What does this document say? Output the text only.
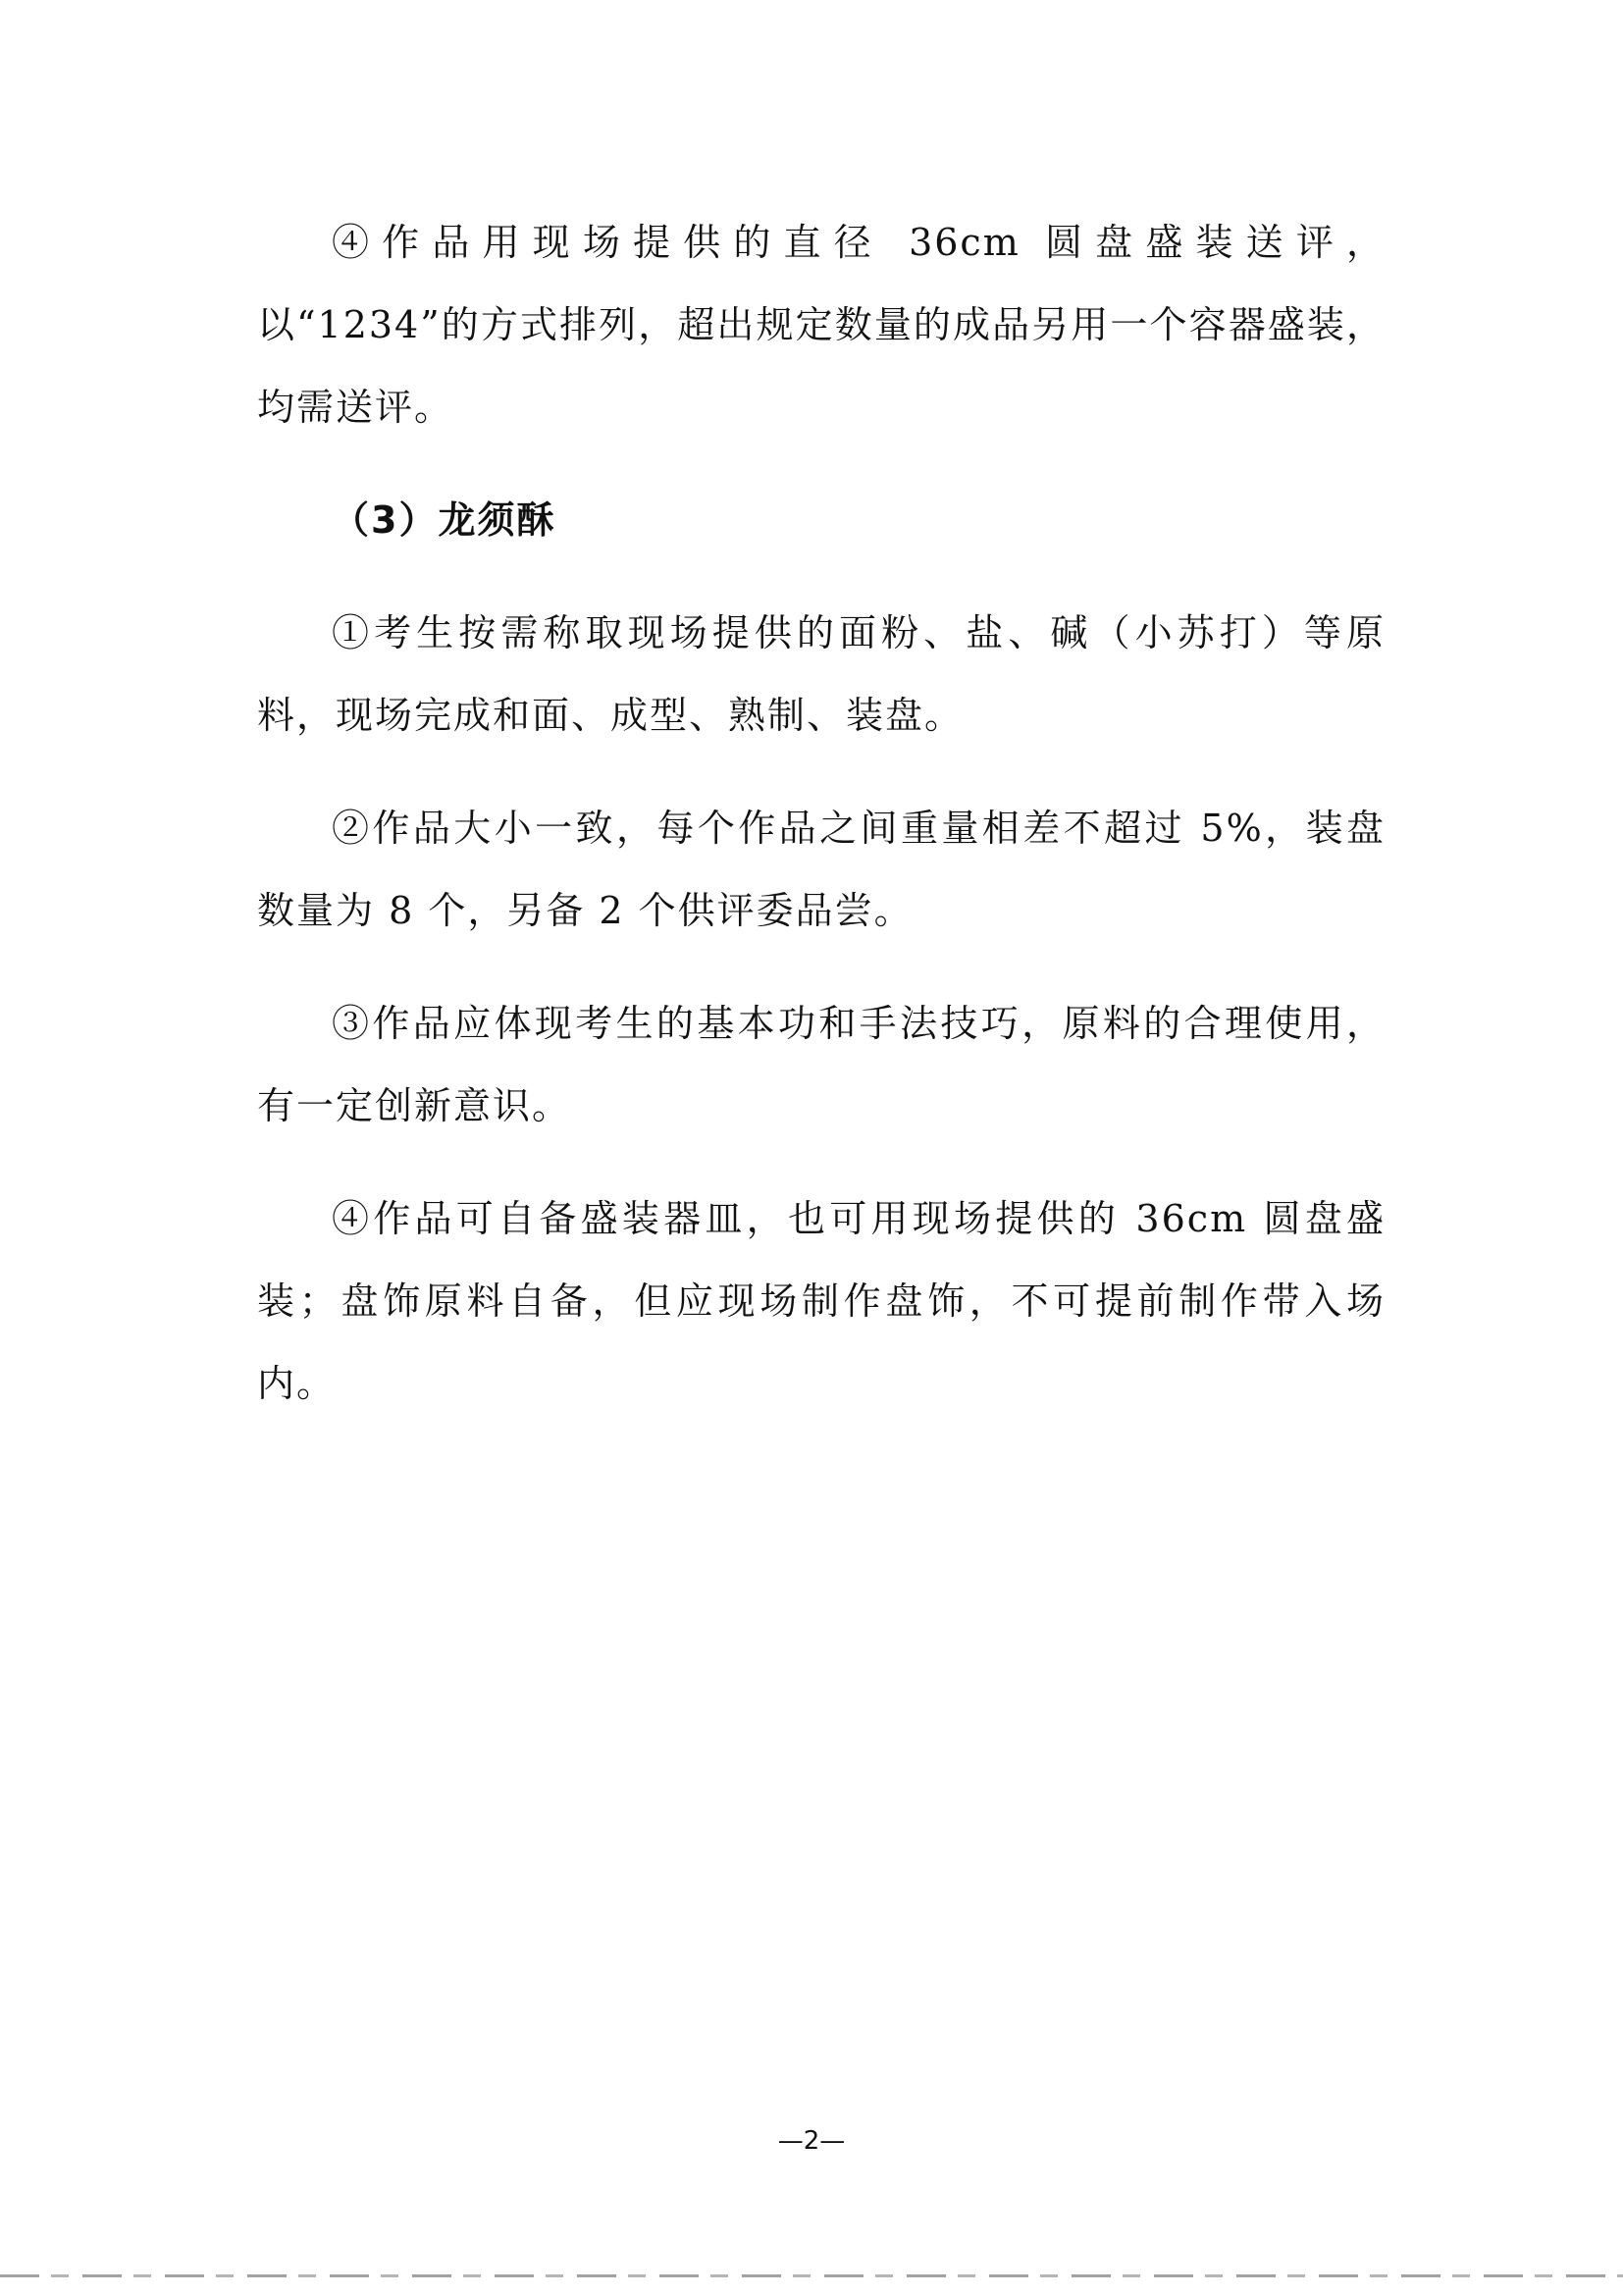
④作品用现场提供的直径 36cm 圆盘盛装送评，以“1234”的方式排列，超出规定数量的成品另用一个容器盛装，均需送评。

（3）龙须酥

①考生按需称取现场提供的面粉、盐、碱（小苏打）等原料，现场完成和面、成型、熟制、装盘。

②作品大小一致，每个作品之间重量相差不超过 5%，装盘数量为 8 个，另备 2 个供评委品尝。

③作品应体现考生的基本功和手法技巧，原料的合理使用，有一定创新意识。

④作品可自备盛装器皿，也可用现场提供的 36cm 圆盘盛装；盘饰原料自备，但应现场制作盘饰，不可提前制作带入场内。

—2—
